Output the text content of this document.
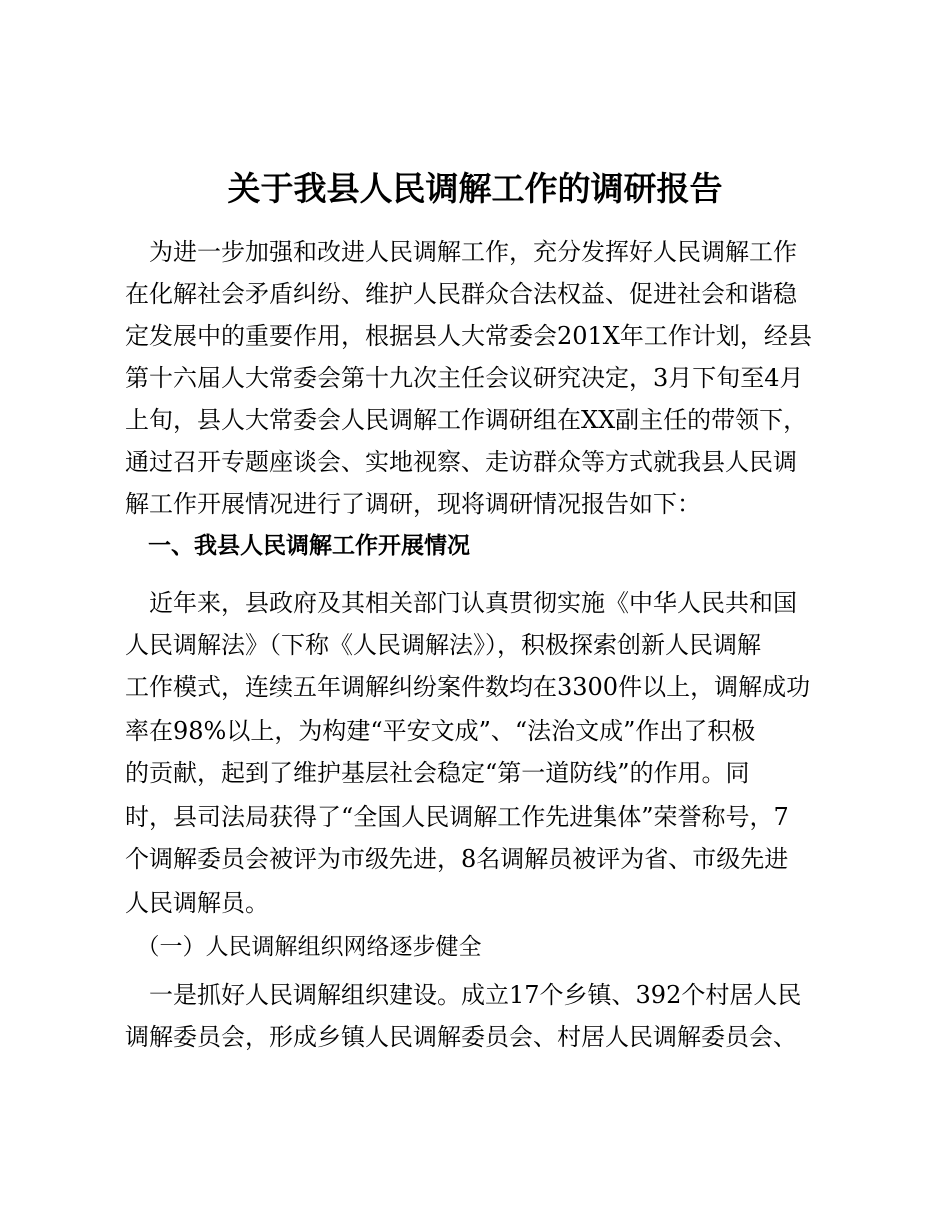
关于我县人民调解工作的调研报告
　为进一步加强和改进人民调解工作，充分发挥好人民调解工作
在化解社会矛盾纠纷、维护人民群众合法权益、促进社会和谐稳
定发展中的重要作用，根据县人大常委会201X年工作计划，经县
第十六届人大常委会第十九次主任会议研究决定，3月下旬至4月
上旬，县人大常委会人民调解工作调研组在XX副主任的带领下，
通过召开专题座谈会、实地视察、走访群众等方式就我县人民调
解工作开展情况进行了调研，现将调研情况报告如下：
　一、我县人民调解工作开展情况
　近年来，县政府及其相关部门认真贯彻实施《中华人民共和国
人民调解法》（下称《人民调解法》），积极探索创新人民调解
工作模式，连续五年调解纠纷案件数均在3300件以上，调解成功
率在98%以上，为构建“平安文成”、“法治文成”作出了积极
的贡献，起到了维护基层社会稳定“第一道防线”的作用。同
时，县司法局获得了“全国人民调解工作先进集体”荣誉称号，7
个调解委员会被评为市级先进，8名调解员被评为省、市级先进
人民调解员。
　（一）人民调解组织网络逐步健全
　一是抓好人民调解组织建设。成立17个乡镇、392个村居人民
调解委员会，形成乡镇人民调解委员会、村居人民调解委员会、
